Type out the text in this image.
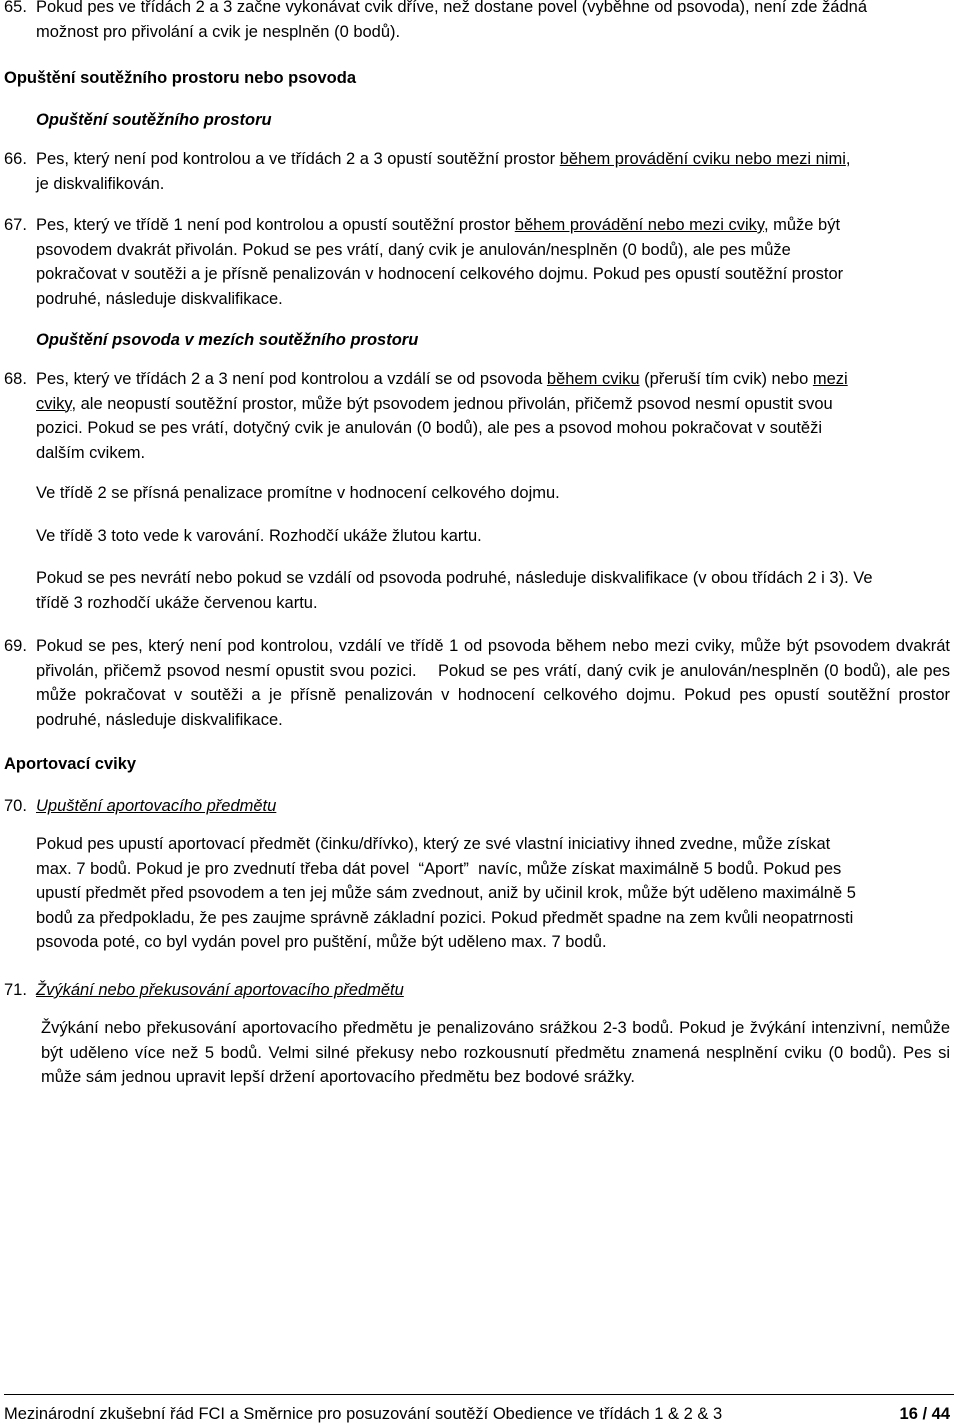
65. Pokud pes ve třídách 2 a 3 začne vykonávat cvik dříve, než dostane povel (vyběhne od psovoda), není zde žádná
možnost pro přivolání a cvik je nesplněn (0 bodů).
Opuštění soutěžního prostoru nebo psovoda
Opuštění soutěžního prostoru
66. Pes, který není pod kontrolou a ve třídách 2 a 3 opustí soutěžní prostor během provádění cviku nebo mezi nimi,
je diskvalifikován.
67. Pes, který ve třídě 1 není pod kontrolou a opustí soutěžní prostor během provádění nebo mezi cviky, může být
psovodem dvakrát přivolán. Pokud se pes vrátí, daný cvik je anulován/nesplněn (0 bodů), ale pes může
pokračovat v soutěži a je přísně penalizován v hodnocení celkového dojmu. Pokud pes opustí soutěžní prostor
podruhé, následuje diskvalifikace.
Opuštění psovoda v mezích soutěžního prostoru
68. Pes, který ve třídách 2 a 3 není pod kontrolou a vzdálí se od psovoda během cviku (přeruší tím cvik) nebo mezi
cviky, ale neopustí soutěžní prostor, může být psovodem jednou přivolán, přičemž psovod nesmí opustit svou
pozici. Pokud se pes vrátí, dotyčný cvik je anulován (0 bodů), ale pes a psovod mohou pokračovat v soutěži
dalším cvikem.
Ve třídě 2 se přísná penalizace promítne v hodnocení celkového dojmu.
Ve třídě 3 toto vede k varování. Rozhodčí ukáže žlutou kartu.
Pokud se pes nevrátí nebo pokud se vzdálí od psovoda podruhé, následuje diskvalifikace (v obou třídách 2 i 3). Ve
třídě 3 rozhodčí ukáže červenou kartu.
69. Pokud se pes, který není pod kontrolou, vzdálí ve třídě 1 od psovoda během nebo mezi cviky, může být psovodem dvakrát přivolán, přičemž psovod nesmí opustit svou pozici.    Pokud se pes vrátí, daný cvik je anulován/nesplněn (0 bodů), ale pes může pokračovat v soutěži a je přísně penalizován v hodnocení celkového dojmu. Pokud pes opustí soutěžní prostor podruhé, následuje diskvalifikace.
Aportovací cviky
70. Upuštění aportovacího předmětu
Pokud pes upustí aportovací předmět (činku/dřívko), který ze své vlastní iniciativy ihned zvedne, může získat
max. 7 bodů. Pokud je pro zvednutí třeba dát povel  “Aport”  navíc, může získat maximálně 5 bodů. Pokud pes
upustí předmět před psovodem a ten jej může sám zvednout, aniž by učinil krok, může být uděleno maximálně 5
bodů za předpokladu, že pes zaujme správně základní pozici. Pokud předmět spadne na zem kvůli neopatrnosti
psovoda poté, co byl vydán povel pro puštění, může být uděleno max. 7 bodů.
71. Žvýkání nebo překusování aportovacího předmětu
Žvýkání nebo překusování aportovacího předmětu je penalizováno srážkou 2-3 bodů. Pokud je žvýkání intenzivní, nemůže být uděleno více než 5 bodů. Velmi silné překusy nebo rozkousnutí předmětu znamená nesplnění cviku (0 bodů). Pes si může sám jednou upravit lepší držení aportovacího předmětu bez bodové srážky.
Mezinárodní zkušební řád FCI a Směrnice pro posuzování soutěží Obedience ve třídách 1 & 2 & 3	16 / 44
